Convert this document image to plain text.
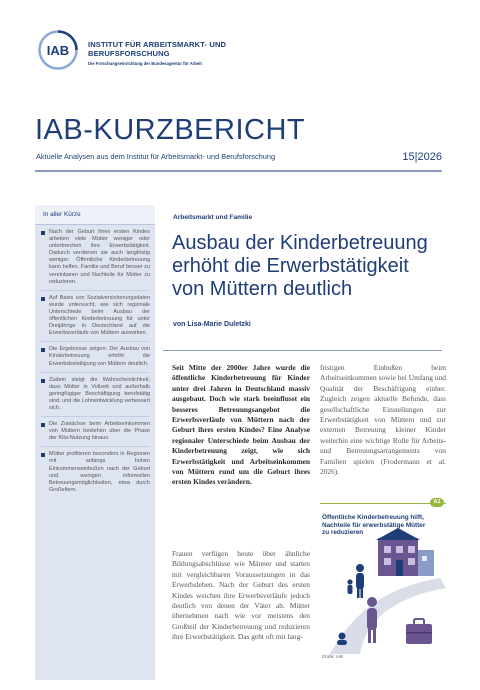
IAB INSTITUT FÜR ARBEITSMARKT- UND
BERUFSFORSCHUNG
Die Forschungseinrichtung der Bundesagentur für Arbeit
IAB-KURZBERICHT
Aktuelle Analysen aus dem Institut für Arbeitsmarkt- und Berufsforschung	15|2026
In aller Kürze
Nach der Geburt ihres ersten Kindes arbeiten viele Mütter weniger oder unterbrechen ihre Erwerbstätigkeit. Dadurch verdienen sie auch langfristig weniger. Öffentliche Kinderbetreuung kann helfen, Familie und Beruf besser zu vereinbaren und Nachteile für Mütter zu reduzieren.
Auf Basis von Sozialversicherungsdaten wurde untersucht, wie sich regionale Unterschiede beim Ausbau der öffentlichen Kinderbetreuung für unter Dreijährige in Deutschland auf die Erwerbsverläufe von Müttern auswirken.
Die Ergebnisse zeigen: Der Ausbau von Kinderbetreuung erhöht die Erwerbsbeteiligung von Müttern deutlich.
Zudem steigt die Wahrscheinlichkeit, dass Mütter in Vollzeit und außerhalb geringfügiger Beschäftigung berufstätig sind, und die Lohnentwicklung verbessert sich.
Die Zuwächse beim Arbeitseinkommen von Müttern bestehen über die Phase der Kita-Nutzung hinaus.
Mütter profitieren besonders in Regionen mit anfangs hohen Einkommenseinbußen nach der Geburt und wenigen informellen Betreuungsmöglichkeiten, etwa durch Großeltern.
Arbeitsmarkt und Familie
Ausbau der Kinderbetreuung erhöht die Erwerbstätigkeit von Müttern deutlich
von Lisa-Marie Duletzki

Seit Mitte der 2000er Jahre wurde die öffentliche Kinderbetreuung für Kinder unter drei Jahren in Deutschland massiv ausgebaut. Doch wie stark beeinflusst ein besseres Betreuungsangebot die Erwerbsverläufe von Müttern nach der Geburt ihres ersten Kindes? Eine Analyse regionaler Unterschiede beim Ausbau der Kinderbetreuung zeigt, wie sich Erwerbstätigkeit und Arbeitseinkommen von Müttern rund um die Geburt ihres ersten Kindes verändern.

Frauen verfügen heute über ähnliche Bildungsabschlüsse wie Männer und starten mit vergleichbaren Voraussetzungen in das Erwerbsleben. Nach der Geburt des ersten Kindes weichen ihre Erwerbsverläufe jedoch deutlich von denen der Väter ab. Mütter übernehmen nach wie vor meistens den Großteil der Kinderbetreuung und reduzieren ihre Erwerbstätigkeit. Das geht oft mit lang-

fristigen Einbußen beim Arbeitseinkommen sowie bei Umfang und Qualität der Beschäftigung einher. Zugleich zeigen aktuelle Befunde, dass gesellschaftliche Einstellungen zur Erwerbstätigkeit von Müttern und zur externen Betreuung kleiner Kinder weiterhin eine wichtige Rolle für Arbeits- und Betreuungsarrangements von Familien spielen (Frodermann et al. 2026).

A1
Öffentliche Kinderbetreuung hilft, Nachteile für erwerbstätige Mütter zu reduzieren
Grafik: IAB
